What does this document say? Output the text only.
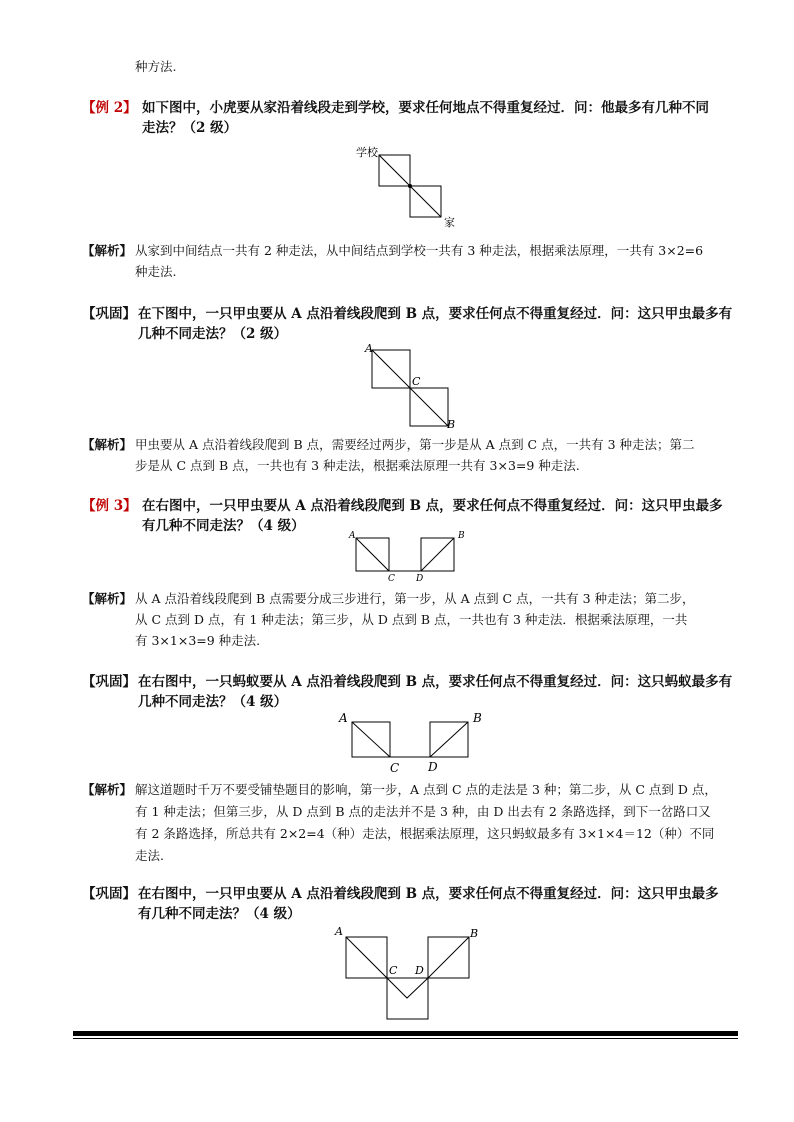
种方法.
【例 2】 如下图中，小虎要从家沿着线段走到学校，要求任何地点不得重复经过．问：他最多有几种不同
走法？（2 级）
学校
家
【解析】 从家到中间结点一共有 2 种走法，从中间结点到学校一共有 3 种走法，根据乘法原理，一共有 3×2=6
种走法.
【巩固】 在下图中，一只甲虫要从 A 点沿着线段爬到 B 点，要求任何点不得重复经过．问：这只甲虫最多有
几种不同走法？（2 级）
A
C
B
【解析】 甲虫要从 A 点沿着线段爬到 B 点，需要经过两步，第一步是从 A 点到 C 点，一共有 3 种走法；第二
步是从 C 点到 B 点，一共也有 3 种走法，根据乘法原理一共有 3×3=9 种走法.
【例 3】 在右图中，一只甲虫要从 A 点沿着线段爬到 B 点，要求任何点不得重复经过．问：这只甲虫最多
有几种不同走法？（4 级）
A	B
C D
【解析】 从 A 点沿着线段爬到 B 点需要分成三步进行，第一步，从 A 点到 C 点，一共有 3 种走法；第二步，
从 C 点到 D 点，有 1 种走法；第三步，从 D 点到 B 点，一共也有 3 种走法．根据乘法原理，一共
有 3×1×3=9 种走法.
【巩固】 在右图中，一只蚂蚁要从 A 点沿着线段爬到 B 点，要求任何点不得重复经过．问：这只蚂蚁最多有
几种不同走法？（4 级）
A	B
C D
【解析】 解这道题时千万不要受铺垫题目的影响，第一步，A 点到 C 点的走法是 3 种；第二步，从 C 点到 D 点，
有 1 种走法；但第三步，从 D 点到 B 点的走法并不是 3 种，由 D 出去有 2 条路选择，到下一岔路口又
有 2 条路选择，所总共有 2×2=4（种）走法，根据乘法原理，这只蚂蚁最多有 3×1×4＝12（种）不同
走法.
【巩固】 在右图中，一只甲虫要从 A 点沿着线段爬到 B 点，要求任何点不得重复经过．问：这只甲虫最多
有几种不同走法？（4 级）
A	B
C D
